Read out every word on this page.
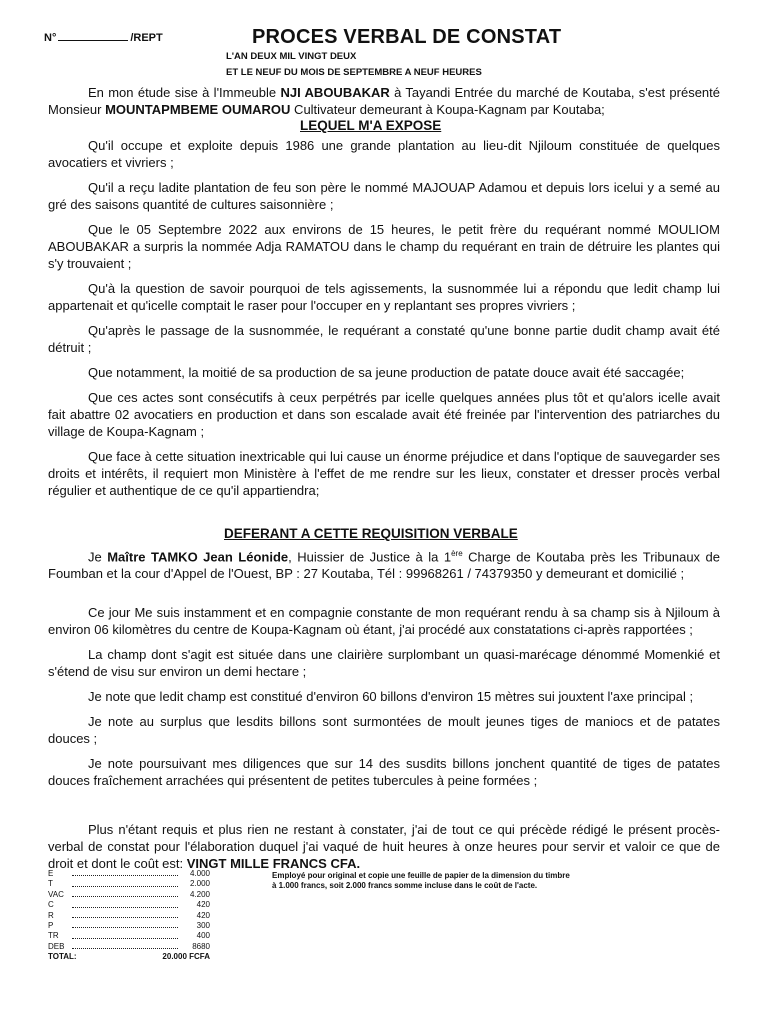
N°	/REPT	PROCES VERBAL DE CONSTAT
L'AN DEUX MIL VINGT DEUX
ET LE NEUF DU MOIS DE SEPTEMBRE A NEUF HEURES

En mon étude sise à l'Immeuble NJI ABOUBAKAR à Tayandi Entrée du marché de Koutaba, s'est présenté Monsieur MOUNTAPMBEME OUMAROU Cultivateur demeurant à Koupa-Kagnam par Koutaba;

LEQUEL M'A EXPOSE

Qu'il occupe et exploite depuis 1986 une grande plantation au lieu-dit Njiloum constituée de quelques avocatiers et vivriers ;

Qu'il a reçu ladite plantation de feu son père le nommé MAJOUAP Adamou et depuis lors icelui y a semé au gré des saisons quantité de cultures saisonnière ;

Que le 05 Septembre 2022 aux environs de 15 heures, le petit frère du requérant nommé MOULIOM ABOUBAKAR a surpris la nommée Adja RAMATOU dans le champ du requérant en train de détruire les plantes qui s'y trouvaient ;

Qu'à la question de savoir pourquoi de tels agissements, la susnommée lui a répondu que ledit champ lui appartenait et qu'icelle comptait le raser pour l'occuper en y replantant ses propres vivriers ;

Qu'après le passage de la susnommée, le requérant a constaté qu'une bonne partie dudit champ avait été détruit ;

Que notamment, la moitié de sa production de sa jeune production de patate douce avait été saccagée;

Que ces actes sont consécutifs à ceux perpétrés par icelle quelques années plus tôt et qu'alors icelle avait fait abattre 02 avocatiers en production et dans son escalade avait été freinée par l'intervention des patriarches du village de Koupa-Kagnam ;

Que face à cette situation inextricable qui lui cause un énorme préjudice et dans l'optique de sauvegarder ses droits et intérêts, il requiert mon Ministère à l'effet de me rendre sur les lieux, constater et dresser procès verbal régulier et authentique de ce qu'il appartiendra;

DEFERANT A CETTE REQUISITION VERBALE

Je Maître TAMKO Jean Léonide, Huissier de Justice à la 1ère Charge de Koutaba près les Tribunaux de Foumban et la cour d'Appel de l'Ouest, BP : 27 Koutaba, Tél : 99968261 / 74379350 y demeurant et domicilié ;

Ce jour Me suis instamment et en compagnie constante de mon requérant rendu à sa champ sis à Njiloum à environ 06 kilomètres du centre de Koupa-Kagnam où étant, j'ai procédé aux constatations ci-après rapportées ;

La champ dont s'agit est située dans une clairière surplombant un quasi-marécage dénommé Momenkié et s'étend de visu sur environ un demi hectare ;

Je note que ledit champ est constitué d'environ 60 billons d'environ 15 mètres sui jouxtent l'axe principal ;

Je note au surplus que lesdits billons sont surmontées de moult jeunes tiges de maniocs et de patates douces ;

Je note poursuivant mes diligences que sur 14 des susdits billons jonchent quantité de tiges de patates douces fraîchement arrachées qui présentent de petites tubercules à peine formées ;

Plus n'étant requis et plus rien ne restant à constater, j'ai de tout ce qui précède rédigé le présent procès-verbal de constat pour l'élaboration duquel j'ai vaqué de huit heures à onze heures pour servir et valoir ce que de droit et dont le coût est: VINGT MILLE FRANCS CFA.

E	4.000
T	2.000
VAC	4.200
C	420
R	420
P	300
TR	400
DEB	8680
TOTAL:	20.000 FCFA
Employé pour original et copie une feuille de papier de la dimension du timbre à 1.000 francs, soit 2.000 francs somme incluse dans le coût de l'acte.
